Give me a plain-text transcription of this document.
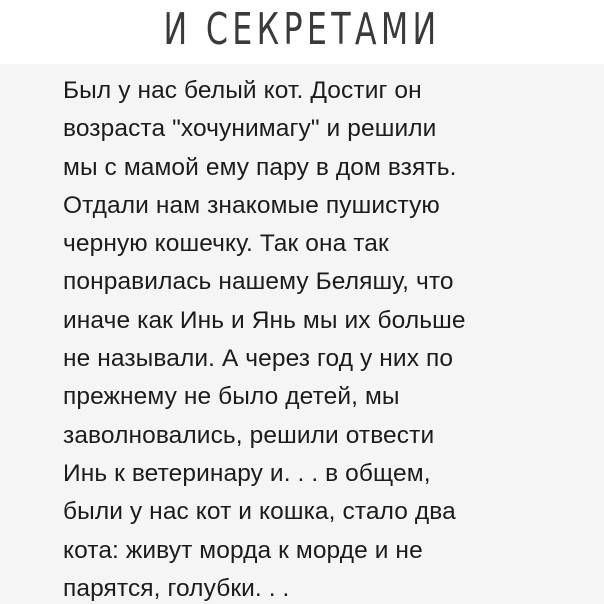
И СЕКРЕТАМИ
Был у нас белый кот. Достиг он
возраста "хочунимагу" и решили
мы с мамой ему пару в дом взять.
Отдали нам знакомые пушистую
черную кошечку. Так она так
понравилась нашему Беляшу, что
иначе как Инь и Янь мы их больше
не называли. А через год у них по
прежнему не было детей, мы
заволновались, решили отвести
Инь к ветеринару и. . . в общем,
были у нас кот и кошка, стало два
кота: живут морда к морде и не
парятся, голубки. . .
